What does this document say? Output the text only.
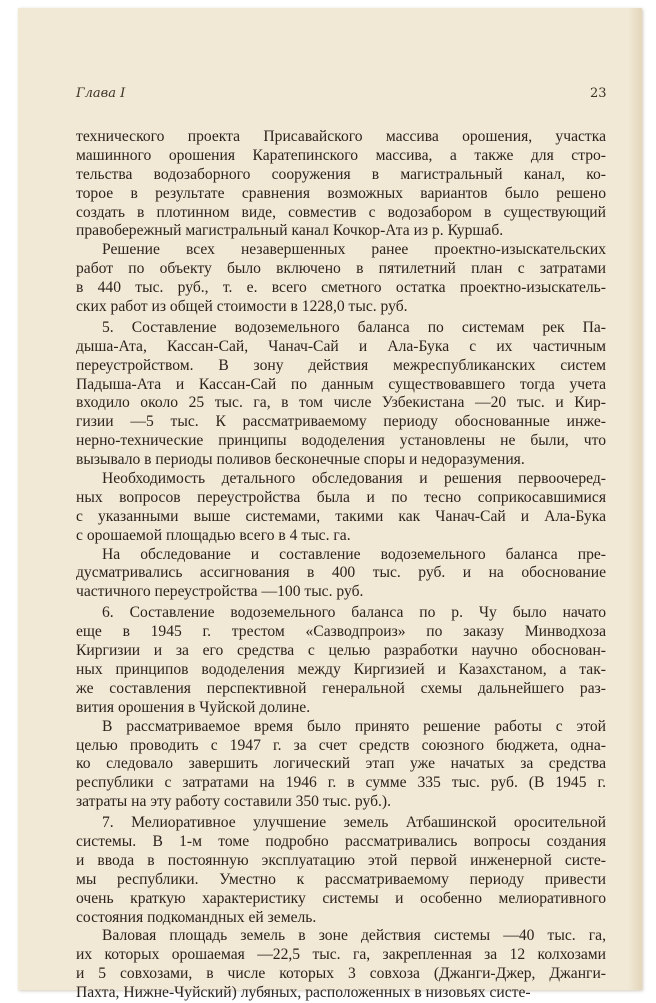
Глава I	23
технического проекта Присавайского массива орошения, участка
машинного орошения Каратепинского массива, а также для стро-
тельства водозаборного сооружения в магистральный канал, ко-
торое в результате сравнения возможных вариантов было решено
создать в плотинном виде, совместив с водозабором в существующий
правобережный магистральный канал Кочкор-Ата из р. Куршаб.
Решение всех незавершенных ранее проектно-изыскательских
работ по объекту было включено в пятилетний план с затратами
в 440 тыс. руб., т. е. всего сметного остатка проектно-изыскатель-
ских работ из общей стоимости в 1228,0 тыс. руб.
5. Составление водоземельного баланса по системам рек Па-
дыша-Ата, Кассан-Сай, Чанач-Сай и Ала-Бука с их частичным
переустройством. В зону действия межреспубликанских систем
Падыша-Ата и Кассан-Сай по данным существовавшего тогда учета
входило около 25 тыс. га, в том числе Узбекистана —20 тыс. и Кир-
гизии —5 тыс. К рассматриваемому периоду обоснованные инже-
нерно-технические принципы вододеления установлены не были, что
вызывало в периоды поливов бесконечные споры и недоразумения.
Необходимость детального обследования и решения первоочеред-
ных вопросов переустройства была и по тесно соприкосавшимися
с указанными выше системами, такими как Чанач-Сай и Ала-Бука
с орошаемой площадью всего в 4 тыс. га.
На обследование и составление водоземельного баланса пре-
дусматривались ассигнования в 400 тыс. руб. и на обоснование
частичного переустройства —100 тыс. руб.
6. Составление водоземельного баланса по р. Чу было начато
еще в 1945 г. трестом «Сазводпроиз» по заказу Минводхоза
Киргизии и за его средства с целью разработки научно обоснован-
ных принципов вододеления между Киргизией и Казахстаном, а так-
же составления перспективной генеральной схемы дальнейшего раз-
вития орошения в Чуйской долине.
В рассматриваемое время было принято решение работы с этой
целью проводить с 1947 г. за счет средств союзного бюджета, одна-
ко следовало завершить логический этап уже начатых за средства
республики с затратами на 1946 г. в сумме 335 тыс. руб. (В 1945 г.
затраты на эту работу составили 350 тыс. руб.).
7. Мелиоративное улучшение земель Атбашинской оросительной
системы. В 1-м томе подробно рассматривались вопросы создания
и ввода в постоянную эксплуатацию этой первой инженерной систе-
мы республики. Уместно к рассматриваемому периоду привести
очень краткую характеристику системы и особенно мелиоративного
состояния подкомандных ей земель.
Валовая площадь земель в зоне действия системы —40 тыс. га,
их которых орошаемая —22,5 тыс. га, закрепленная за 12 колхозами
и 5 совхозами, в числе которых 3 совхоза (Джанги-Джер, Джанги-
Пахта, Нижне-Чуйский) лубяных, расположенных в низовьях систе-
